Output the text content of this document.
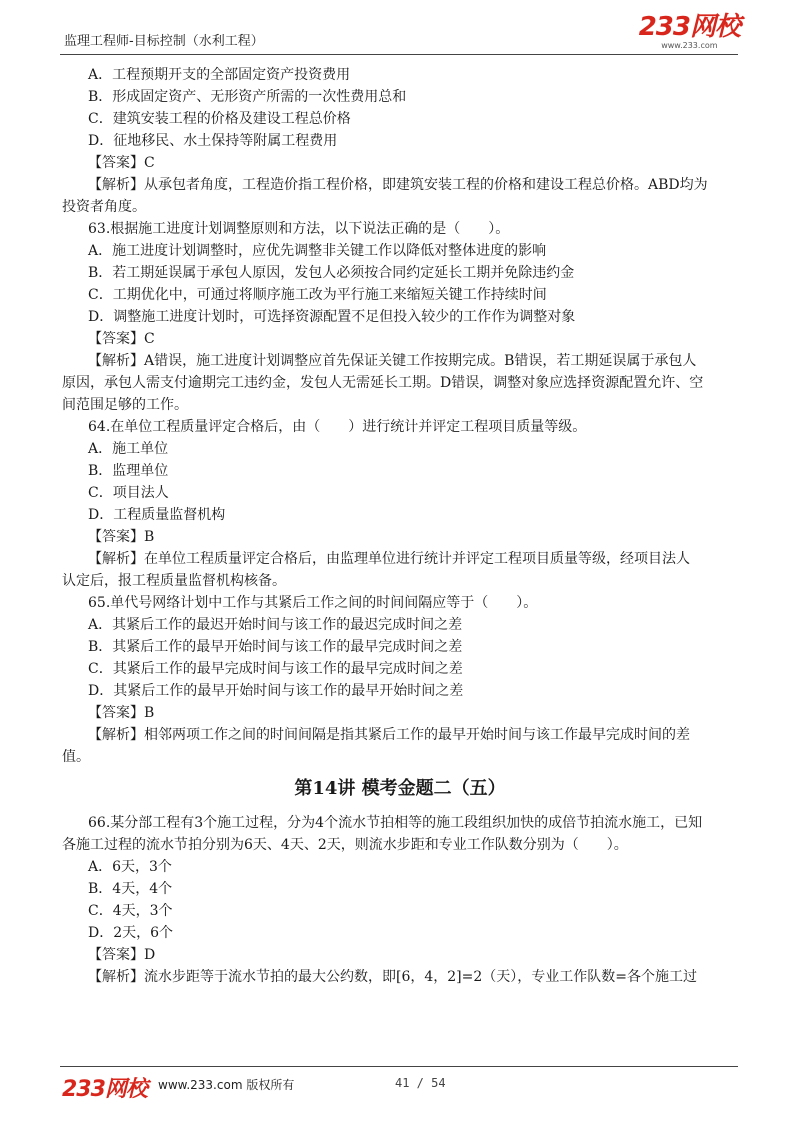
监理工程师-目标控制（水利工程）	233网校
www.233.com
A．工程预期开支的全部固定资产投资费用
B．形成固定资产、无形资产所需的一次性费用总和
C．建筑安装工程的价格及建设工程总价格
D．征地移民、水土保持等附属工程费用
【答案】C
【解析】从承包者角度，工程造价指工程价格，即建筑安装工程的价格和建设工程总价格。ABD均为
投资者角度。
63.根据施工进度计划调整原则和方法，以下说法正确的是（　　）。
A．施工进度计划调整时，应优先调整非关键工作以降低对整体进度的影响
B．若工期延误属于承包人原因，发包人必须按合同约定延长工期并免除违约金
C．工期优化中，可通过将顺序施工改为平行施工来缩短关键工作持续时间
D．调整施工进度计划时，可选择资源配置不足但投入较少的工作作为调整对象
【答案】C
【解析】A错误，施工进度计划调整应首先保证关键工作按期完成。B错误，若工期延误属于承包人
原因，承包人需支付逾期完工违约金，发包人无需延长工期。D错误，调整对象应选择资源配置允许、空
间范围足够的工作。
64.在单位工程质量评定合格后，由（　　）进行统计并评定工程项目质量等级。
A．施工单位
B．监理单位
C．项目法人
D．工程质量监督机构
【答案】B
【解析】在单位工程质量评定合格后，由监理单位进行统计并评定工程项目质量等级，经项目法人
认定后，报工程质量监督机构核备。
65.单代号网络计划中工作与其紧后工作之间的时间间隔应等于（　　）。
A．其紧后工作的最迟开始时间与该工作的最迟完成时间之差
B．其紧后工作的最早开始时间与该工作的最早完成时间之差
C．其紧后工作的最早完成时间与该工作的最早完成时间之差
D．其紧后工作的最早开始时间与该工作的最早开始时间之差
【答案】B
【解析】相邻两项工作之间的时间间隔是指其紧后工作的最早开始时间与该工作最早完成时间的差
值。
第14讲 模考金题二（五）
66.某分部工程有3个施工过程，分为4个流水节拍相等的施工段组织加快的成倍节拍流水施工，已知
各施工过程的流水节拍分别为6天、4天、2天，则流水步距和专业工作队数分别为（　　）。
A．6天，3个
B．4天，4个
C．4天，3个
D．2天，6个
【答案】D
【解析】流水步距等于流水节拍的最大公约数，即[6，4，2]=2（天），专业工作队数=各个施工过
233网校 www.233.com 版权所有	41 / 54
